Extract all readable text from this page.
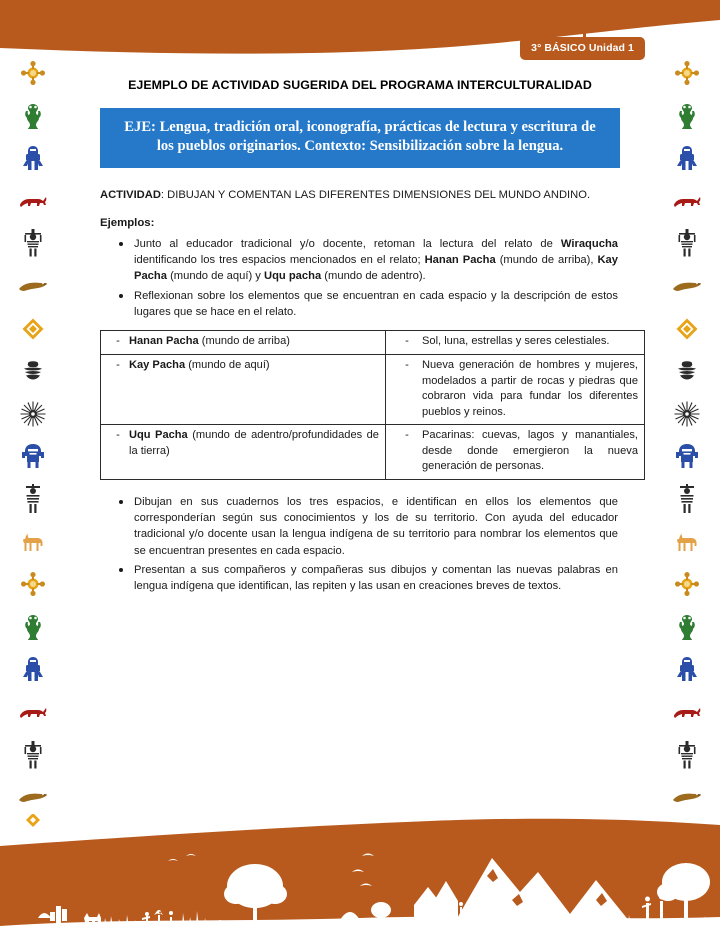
3° BÁSICO Unidad 1
EJEMPLO DE ACTIVIDAD SUGERIDA DEL PROGRAMA INTERCULTURALIDAD
EJE: Lengua, tradición oral, iconografía, prácticas de lectura y escritura de los pueblos originarios. Contexto: Sensibilización sobre la lengua.

ACTIVIDAD: DIBUJAN Y COMENTAN LAS DIFERENTES DIMENSIONES DEL MUNDO ANDINO.

Ejemplos:

Junto al educador tradicional y/o docente, retoman la lectura del relato de Wiraqucha identificando los tres espacios mencionados en el relato; Hanan Pacha (mundo de arriba), Kay Pacha (mundo de aquí) y Uqu pacha (mundo de adentro).
Reflexionan sobre los elementos que se encuentran en cada espacio y la descripción de estos lugares que se hace en el relato.
- Hanan Pacha (mundo de arriba)	- Sol, luna, estrellas y seres celestiales.

- Kay Pacha (mundo de aquí)	- Nueva generación de hombres y mujeres, modelados a partir de rocas y piedras que cobraron vida para fundar los diferentes pueblos y reinos.

- Uqu Pacha (mundo de adentro/profundidades de la tierra)	- Pacarinas: cuevas, lagos y manantiales, desde donde emergieron la nueva generación de personas.
Dibujan en sus cuadernos los tres espacios, e identifican en ellos los elementos que corresponderían según sus conocimientos y los de su territorio. Con ayuda del educador tradicional y/o docente usan la lengua indígena de su territorio para nombrar los elementos que se encuentran presentes en cada espacio.
Presentan a sus compañeros y compañeras sus dibujos y comentan las nuevas palabras en lengua indígena que identifican, las repiten y las usan en creaciones breves de textos.
